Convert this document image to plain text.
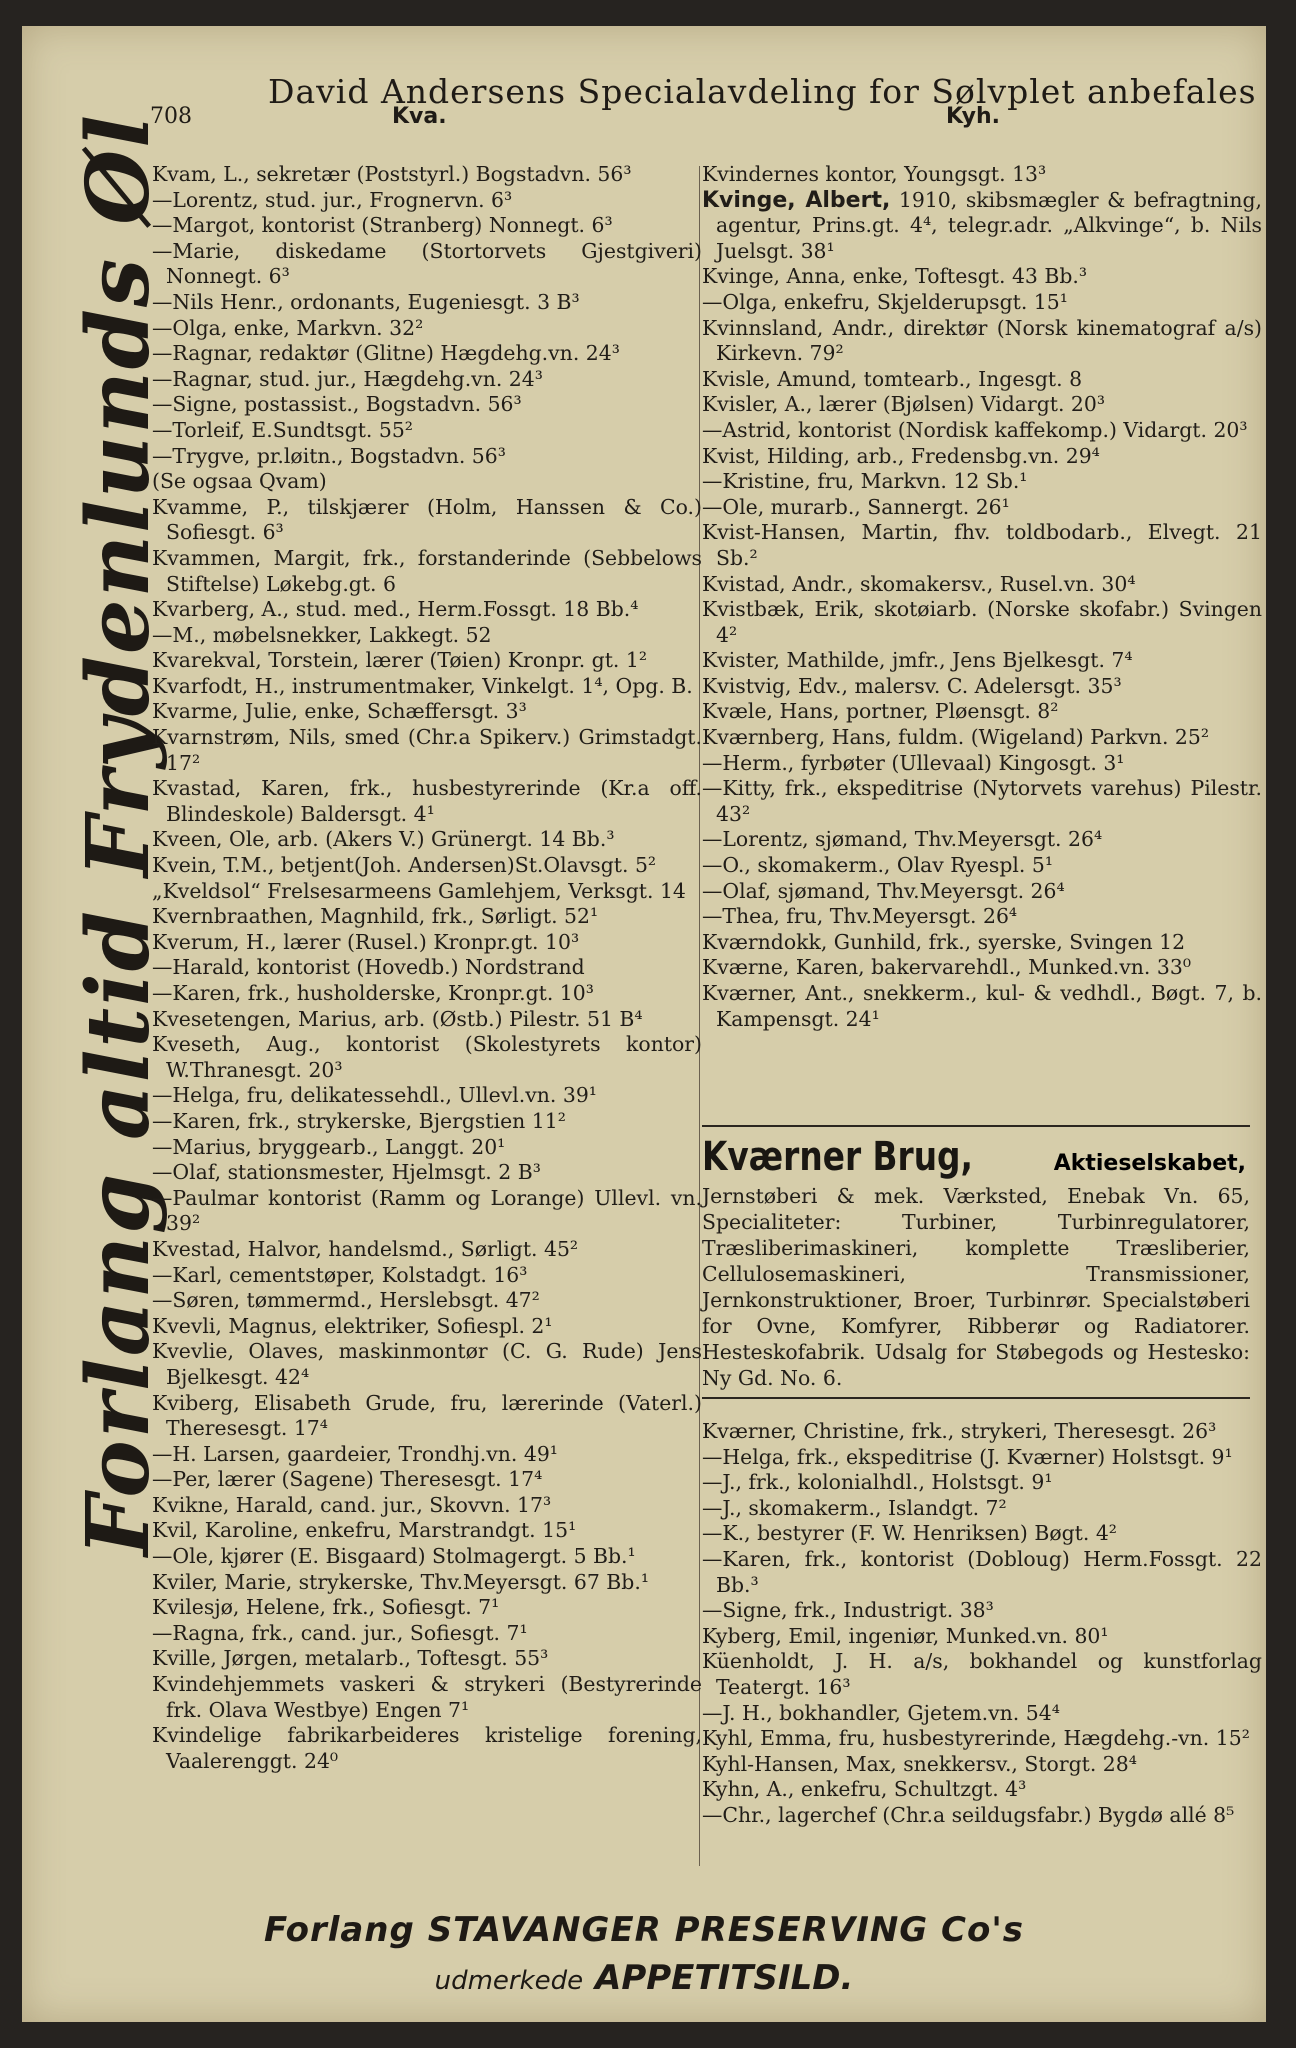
David Andersens Specialavdeling for Sølvplet anbefales
708	Kva.	Kyh.
Forlang altid Frydenlunds Øl

Kvam, L., sekretær (Poststyrl.) Bogstadvn. 56³

—Lorentz, stud. jur., Frognervn. 6³

—Margot, kontorist (Stranberg) Nonnegt. 6³

—Marie, diskedame (Stortorvets Gjestgiveri) Nonnegt. 6³

—Nils Henr., ordonants, Eugeniesgt. 3 B³

—Olga, enke, Markvn. 32²

—Ragnar, redaktør (Glitne) Hægdehg.vn. 24³

—Ragnar, stud. jur., Hægdehg.vn. 24³

—Signe, postassist., Bogstadvn. 56³

—Torleif, E.Sundtsgt. 55²

—Trygve, pr.løitn., Bogstadvn. 56³

(Se ogsaa Qvam)

Kvamme, P., tilskjærer (Holm, Hanssen & Co.) Sofiesgt. 6³

Kvammen, Margit, frk., forstanderinde (Sebbelows Stiftelse) Løkebg.gt. 6

Kvarberg, A., stud. med., Herm.Fossgt. 18 Bb.⁴

—M., møbelsnekker, Lakkegt. 52

Kvarekval, Torstein, lærer (Tøien) Kronpr. gt. 1²

Kvarfodt, H., instrumentmaker, Vinkelgt. 1⁴, Opg. B.

Kvarme, Julie, enke, Schæffersgt. 3³

Kvarnstrøm, Nils, smed (Chr.a Spikerv.) Grimstadgt. 17²

Kvastad, Karen, frk., husbestyrerinde (Kr.a off. Blindeskole) Baldersgt. 4¹

Kveen, Ole, arb. (Akers V.) Grünergt. 14 Bb.³

Kvein, T.M., betjent(Joh. Andersen)St.Olavsgt. 5²

„Kveldsol“ Frelsesarmeens Gamlehjem, Verksgt. 14

Kvernbraathen, Magnhild, frk., Sørligt. 52¹

Kverum, H., lærer (Rusel.) Kronpr.gt. 10³

—Harald, kontorist (Hovedb.) Nordstrand

—Karen, frk., husholderske, Kronpr.gt. 10³

Kvesetengen, Marius, arb. (Østb.) Pilestr. 51 B⁴

Kveseth, Aug., kontorist (Skolestyrets kontor) W.Thranesgt. 20³

—Helga, fru, delikatessehdl., Ullevl.vn. 39¹

—Karen, frk., strykerske, Bjergstien 11²

—Marius, bryggearb., Langgt. 20¹

—Olaf, stationsmester, Hjelmsgt. 2 B³

—Paulmar kontorist (Ramm og Lorange) Ullevl. vn. 39²

Kvestad, Halvor, handelsmd., Sørligt. 45²

—Karl, cementstøper, Kolstadgt. 16³

—Søren, tømmermd., Herslebsgt. 47²

Kvevli, Magnus, elektriker, Sofiespl. 2¹

Kvevlie, Olaves, maskinmontør (C. G. Rude) Jens Bjelkesgt. 42⁴

Kviberg, Elisabeth Grude, fru, lærerinde (Vaterl.) Theresesgt. 17⁴

—H. Larsen, gaardeier, Trondhj.vn. 49¹

—Per, lærer (Sagene) Theresesgt. 17⁴

Kvikne, Harald, cand. jur., Skovvn. 17³

Kvil, Karoline, enkefru, Marstrandgt. 15¹

—Ole, kjører (E. Bisgaard) Stolmagergt. 5 Bb.¹

Kviler, Marie, strykerske, Thv.Meyersgt. 67 Bb.¹

Kvilesjø, Helene, frk., Sofiesgt. 7¹

—Ragna, frk., cand. jur., Sofiesgt. 7¹

Kville, Jørgen, metalarb., Toftesgt. 55³

Kvindehjemmets vaskeri & strykeri (Bestyrerinde frk. Olava Westbye) Engen 7¹

Kvindelige fabrikarbeideres kristelige forening, Vaalerenggt. 24⁰

Kvindernes kontor, Youngsgt. 13³

Kvinge, Albert, 1910, skibsmægler & befragtning, agentur, Prins.gt. 4⁴, telegr.adr. „Alkvinge“, b. Nils Juelsgt. 38¹

Kvinge, Anna, enke, Toftesgt. 43 Bb.³

—Olga, enkefru, Skjelderupsgt. 15¹

Kvinnsland, Andr., direktør (Norsk kinematograf a/s) Kirkevn. 79²

Kvisle, Amund, tomtearb., Ingesgt. 8

Kvisler, A., lærer (Bjølsen) Vidargt. 20³

—Astrid, kontorist (Nordisk kaffekomp.) Vidargt. 20³

Kvist, Hilding, arb., Fredensbg.vn. 29⁴

—Kristine, fru, Markvn. 12 Sb.¹

—Ole, murarb., Sannergt. 26¹

Kvist-Hansen, Martin, fhv. toldbodarb., Elvegt. 21 Sb.²

Kvistad, Andr., skomakersv., Rusel.vn. 30⁴

Kvistbæk, Erik, skotøiarb. (Norske skofabr.) Svingen 4²

Kvister, Mathilde, jmfr., Jens Bjelkesgt. 7⁴

Kvistvig, Edv., malersv. C. Adelersgt. 35³

Kvæle, Hans, portner, Pløensgt. 8²

Kværnberg, Hans, fuldm. (Wigeland) Parkvn. 25²

—Herm., fyrbøter (Ullevaal) Kingosgt. 3¹

—Kitty, frk., ekspeditrise (Nytorvets varehus) Pilestr. 43²

—Lorentz, sjømand, Thv.Meyersgt. 26⁴

—O., skomakerm., Olav Ryespl. 5¹

—Olaf, sjømand, Thv.Meyersgt. 26⁴

—Thea, fru, Thv.Meyersgt. 26⁴

Kværndokk, Gunhild, frk., syerske, Svingen 12

Kværne, Karen, bakervarehdl., Munked.vn. 33⁰

Kværner, Ant., snekkerm., kul- & vedhdl., Bøgt. 7, b. Kampensgt. 24¹

Kværner Brug,	Aktieselskabet,
Jernstøberi & mek. Værksted, Enebak Vn. 65, Specialiteter: Turbiner, Turbinregulatorer, Træsliberimaskineri, komplette Træsliberier, Cellulosemaskineri, Transmissioner, Jernkonstruktioner, Broer, Turbinrør. Specialstøberi for Ovne, Komfyrer, Ribberør og Radiatorer. Hesteskofabrik. Udsalg for Støbegods og Hestesko: Ny Gd. No. 6.

Kværner, Christine, frk., strykeri, Theresesgt. 26³

—Helga, frk., ekspeditrise (J. Kværner) Holstsgt. 9¹

—J., frk., kolonialhdl., Holstsgt. 9¹

—J., skomakerm., Islandgt. 7²

—K., bestyrer (F. W. Henriksen) Bøgt. 4²

—Karen, frk., kontorist (Dobloug) Herm.Fossgt. 22 Bb.³

—Signe, frk., Industrigt. 38³

Kyberg, Emil, ingeniør, Munked.vn. 80¹

Küenholdt, J. H. a/s, bokhandel og kunstforlag Teatergt. 16³

—J. H., bokhandler, Gjetem.vn. 54⁴

Kyhl, Emma, fru, husbestyrerinde, Hægdehg.-vn. 15²

Kyhl-Hansen, Max, snekkersv., Storgt. 28⁴

Kyhn, A., enkefru, Schultzgt. 4³

—Chr., lagerchef (Chr.a seildugsfabr.) Bygdø allé 8⁵

Forlang STAVANGER PRESERVING Co's
udmerkede APPETITSILD.
